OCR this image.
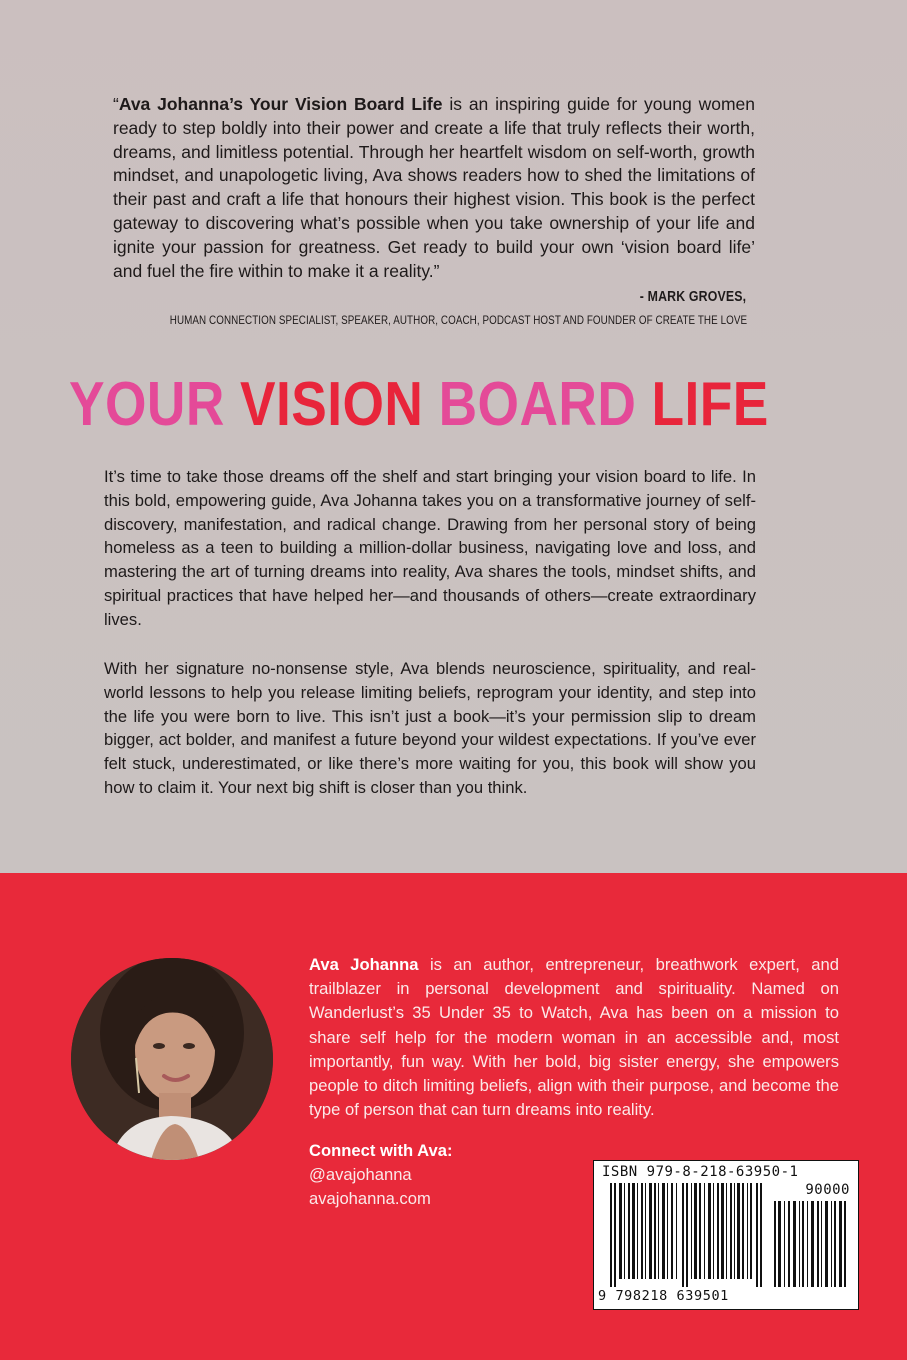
“Ava Johanna’s Your Vision Board Life is an inspiring guide for young women ready to step boldly into their power and create a life that truly reflects their worth, dreams, and limitless potential. Through her heartfelt wisdom on self-worth, growth mindset, and unapologetic living, Ava shows readers how to shed the limitations of their past and craft a life that honours their highest vision. This book is the perfect gateway to discovering what’s possible when you take ownership of your life and ignite your passion for greatness. Get ready to build your own ‘vision board life’ and fuel the fire within to make it a reality.”
- MARK GROVES,
HUMAN CONNECTION SPECIALIST, SPEAKER, AUTHOR, COACH, PODCAST HOST AND FOUNDER OF CREATE THE LOVE
YOUR VISION BOARD LIFE
It’s time to take those dreams off the shelf and start bringing your vision board to life. In this bold, empowering guide, Ava Johanna takes you on a transformative journey of self-discovery, manifestation, and radical change. Drawing from her personal story of being homeless as a teen to building a million-dollar business, navigating love and loss, and mastering the art of turning dreams into reality, Ava shares the tools, mindset shifts, and spiritual practices that have helped her—and thousands of others—create extraordinary lives.
With her signature no-nonsense style, Ava blends neuroscience, spirituality, and real-world lessons to help you release limiting beliefs, reprogram your identity, and step into the life you were born to live. This isn’t just a book—it’s your permission slip to dream bigger, act bolder, and manifest a future beyond your wildest expectations. If you’ve ever felt stuck, underestimated, or like there’s more waiting for you, this book will show you how to claim it. Your next big shift is closer than you think.
Ava Johanna is an author, entrepreneur, breathwork expert, and trailblazer in personal development and spirituality. Named on Wanderlust’s 35 Under 35 to Watch, Ava has been on a mission to share self help for the modern woman in an accessible and, most importantly, fun way. With her bold, big sister energy, she empowers people to ditch limiting beliefs, align with their purpose, and become the type of person that can turn dreams into reality.
Connect with Ava:
@avajohanna
avajohanna.com
ISBN 979-8-218-63950-1
90000
9 798218 639501
